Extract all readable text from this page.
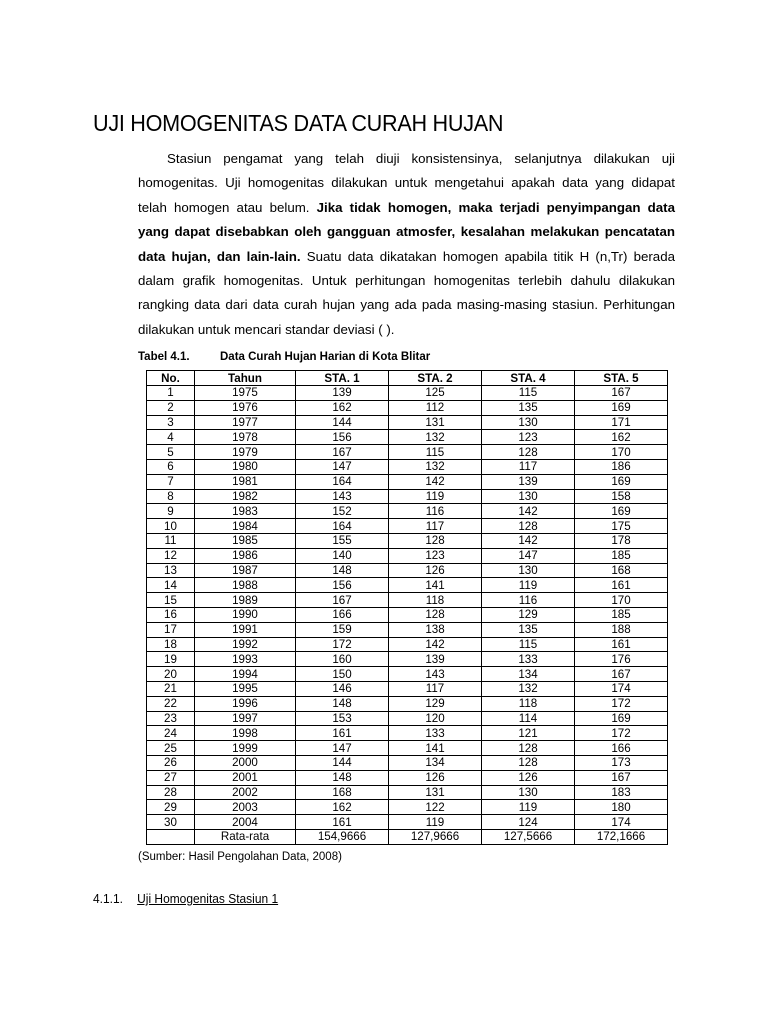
UJI HOMOGENITAS DATA CURAH HUJAN

Stasiun pengamat yang telah diuji konsistensinya, selanjutnya dilakukan uji homogenitas. Uji homogenitas dilakukan untuk mengetahui apakah data yang didapat telah homogen atau belum. Jika tidak homogen, maka terjadi penyimpangan data yang dapat disebabkan oleh gangguan atmosfer, kesalahan melakukan pencatatan data hujan, dan lain-lain. Suatu data dikatakan homogen apabila titik H (n,Tr) berada dalam grafik homogenitas. Untuk perhitungan homogenitas terlebih dahulu dilakukan rangking data dari data curah hujan yang ada pada masing-masing stasiun. Perhitungan dilakukan untuk mencari standar deviasi ( ).

Tabel 4.1.	Data Curah Hujan Harian di Kota Blitar
No.	Tahun	STA. 1	STA. 2	STA. 4	STA. 5
1	1975	139	125	115	167
2	1976	162	112	135	169
3	1977	144	131	130	171
4	1978	156	132	123	162
5	1979	167	115	128	170
6	1980	147	132	117	186
7	1981	164	142	139	169
8	1982	143	119	130	158
9	1983	152	116	142	169
10	1984	164	117	128	175
11	1985	155	128	142	178
12	1986	140	123	147	185
13	1987	148	126	130	168
14	1988	156	141	119	161
15	1989	167	118	116	170
16	1990	166	128	129	185
17	1991	159	138	135	188
18	1992	172	142	115	161
19	1993	160	139	133	176
20	1994	150	143	134	167
21	1995	146	117	132	174
22	1996	148	129	118	172
23	1997	153	120	114	169
24	1998	161	133	121	172
25	1999	147	141	128	166
26	2000	144	134	128	173
27	2001	148	126	126	167
28	2002	168	131	130	183
29	2003	162	122	119	180
30	2004	161	119	124	174
	Rata-rata	154,9666	127,9666	127,5666	172,1666
(Sumber: Hasil Pengolahan Data, 2008)
4.1.1. Uji Homogenitas Stasiun 1
